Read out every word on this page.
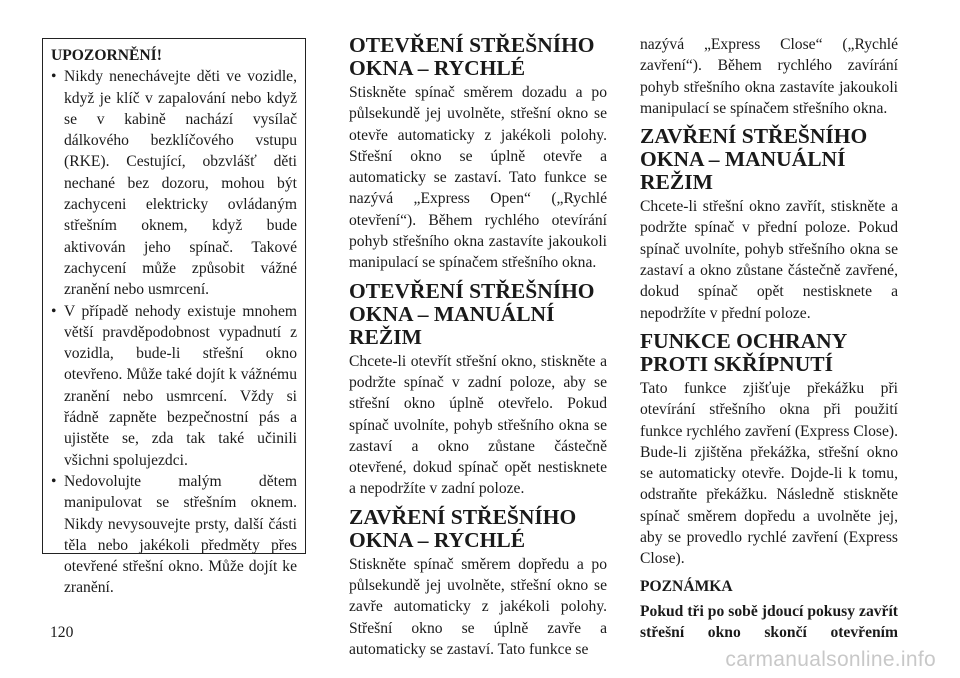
UPOZORNĚNÍ!
• Nikdy nenechávejte děti ve vozidle, když je klíč v zapalování nebo když se v kabině nachází vysílač dálkového bezklíčového vstupu (RKE). Cestující, obzvlášť děti nechané bez dozoru, mohou být zachyceni elektricky ovládaným střešním oknem, když bude aktivován jeho spínač. Takové zachycení může způsobit vážné zranění nebo usmrcení.
• V případě nehody existuje mnohem větší pravděpodobnost vypadnutí z vozidla, bude-li střešní okno otevřeno. Může také dojít k vážnému zranění nebo usmrcení. Vždy si řádně zapněte bezpečnostní pás a ujistěte se, zda tak také učinili všichni spolujezdci.
• Nedovolujte malým dětem manipulovat se střešním oknem. Nikdy nevysouvejte prsty, další části těla nebo jakékoli předměty přes otevřené střešní okno. Může dojít ke zranění.
OTEVŘENÍ STŘEŠNÍHO OKNA – RYCHLÉ

Stiskněte spínač směrem dozadu a po půlsekundě jej uvolněte, střešní okno se otevře automaticky z jakékoli polohy. Střešní okno se úplně otevře a automaticky se zastaví. Tato funkce se nazývá „Express Open“ („Rychlé otevření“). Během rychlého otevírání pohyb střešního okna zastavíte jakoukoli manipulací se spínačem střešního okna.

OTEVŘENÍ STŘEŠNÍHO OKNA – MANUÁLNÍ REŽIM

Chcete-li otevřít střešní okno, stiskněte a podržte spínač v zadní poloze, aby se střešní okno úplně otevřelo. Pokud spínač uvolníte, pohyb střešního okna se zastaví a okno zůstane částečně otevřené, dokud spínač opět nestisknete a nepodržíte v zadní poloze.

ZAVŘENÍ STŘEŠNÍHO OKNA – RYCHLÉ

Stiskněte spínač směrem dopředu a po půlsekundě jej uvolněte, střešní okno se zavře automaticky z jakékoli polohy. Střešní okno se úplně zavře a automaticky se zastaví. Tato funkce se

nazývá „Express Close“ („Rychlé zavření“). Během rychlého zavírání pohyb střešního okna zastavíte jakoukoli manipulací se spínačem střešního okna.

ZAVŘENÍ STŘEŠNÍHO OKNA – MANUÁLNÍ REŽIM

Chcete-li střešní okno zavřít, stiskněte a podržte spínač v přední poloze. Pokud spínač uvolníte, pohyb střešního okna se zastaví a okno zůstane částečně zavřené, dokud spínač opět nestisknete a nepodržíte v přední poloze.

FUNKCE OCHRANY PROTI SKŘÍPNUTÍ

Tato funkce zjišťuje překážku při otevírání střešního okna při použití funkce rychlého zavření (Express Close). Bude-li zjištěna překážka, střešní okno se automaticky otevře. Dojde-li k tomu, odstraňte překážku. Následně stiskněte spínač směrem dopředu a uvolněte jej, aby se provedlo rychlé zavření (Express Close).

POZNÁMKA

Pokud tři po sobě jdoucí pokusy zavřít střešní okno skončí otevřením

120
carmanualsonline.info
